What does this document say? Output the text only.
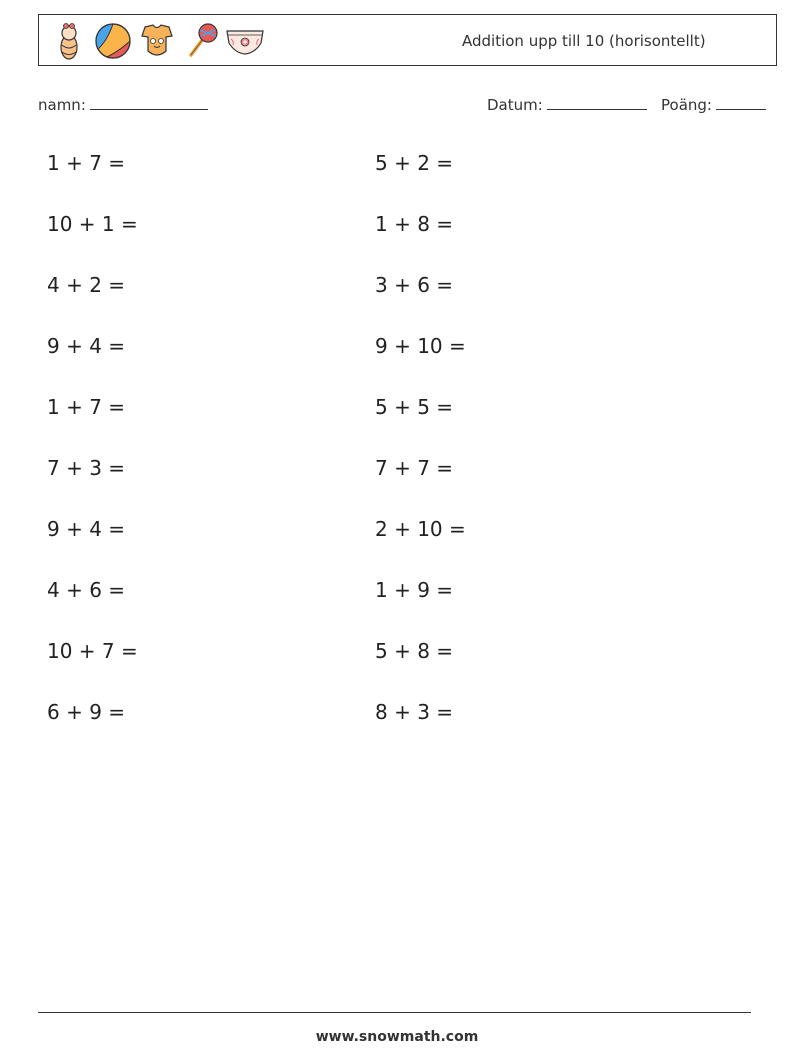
Addition upp till 10 (horisontellt)
namn:	Datum:	Poäng:
1 + 7 =
10 + 1 =
4 + 2 =
9 + 4 =
1 + 7 =
7 + 3 =
9 + 4 =
4 + 6 =
10 + 7 =
6 + 9 =
5 + 2 =
1 + 8 =
3 + 6 =
9 + 10 =
5 + 5 =
7 + 7 =
2 + 10 =
1 + 9 =
5 + 8 =
8 + 3 =
www.snowmath.com
